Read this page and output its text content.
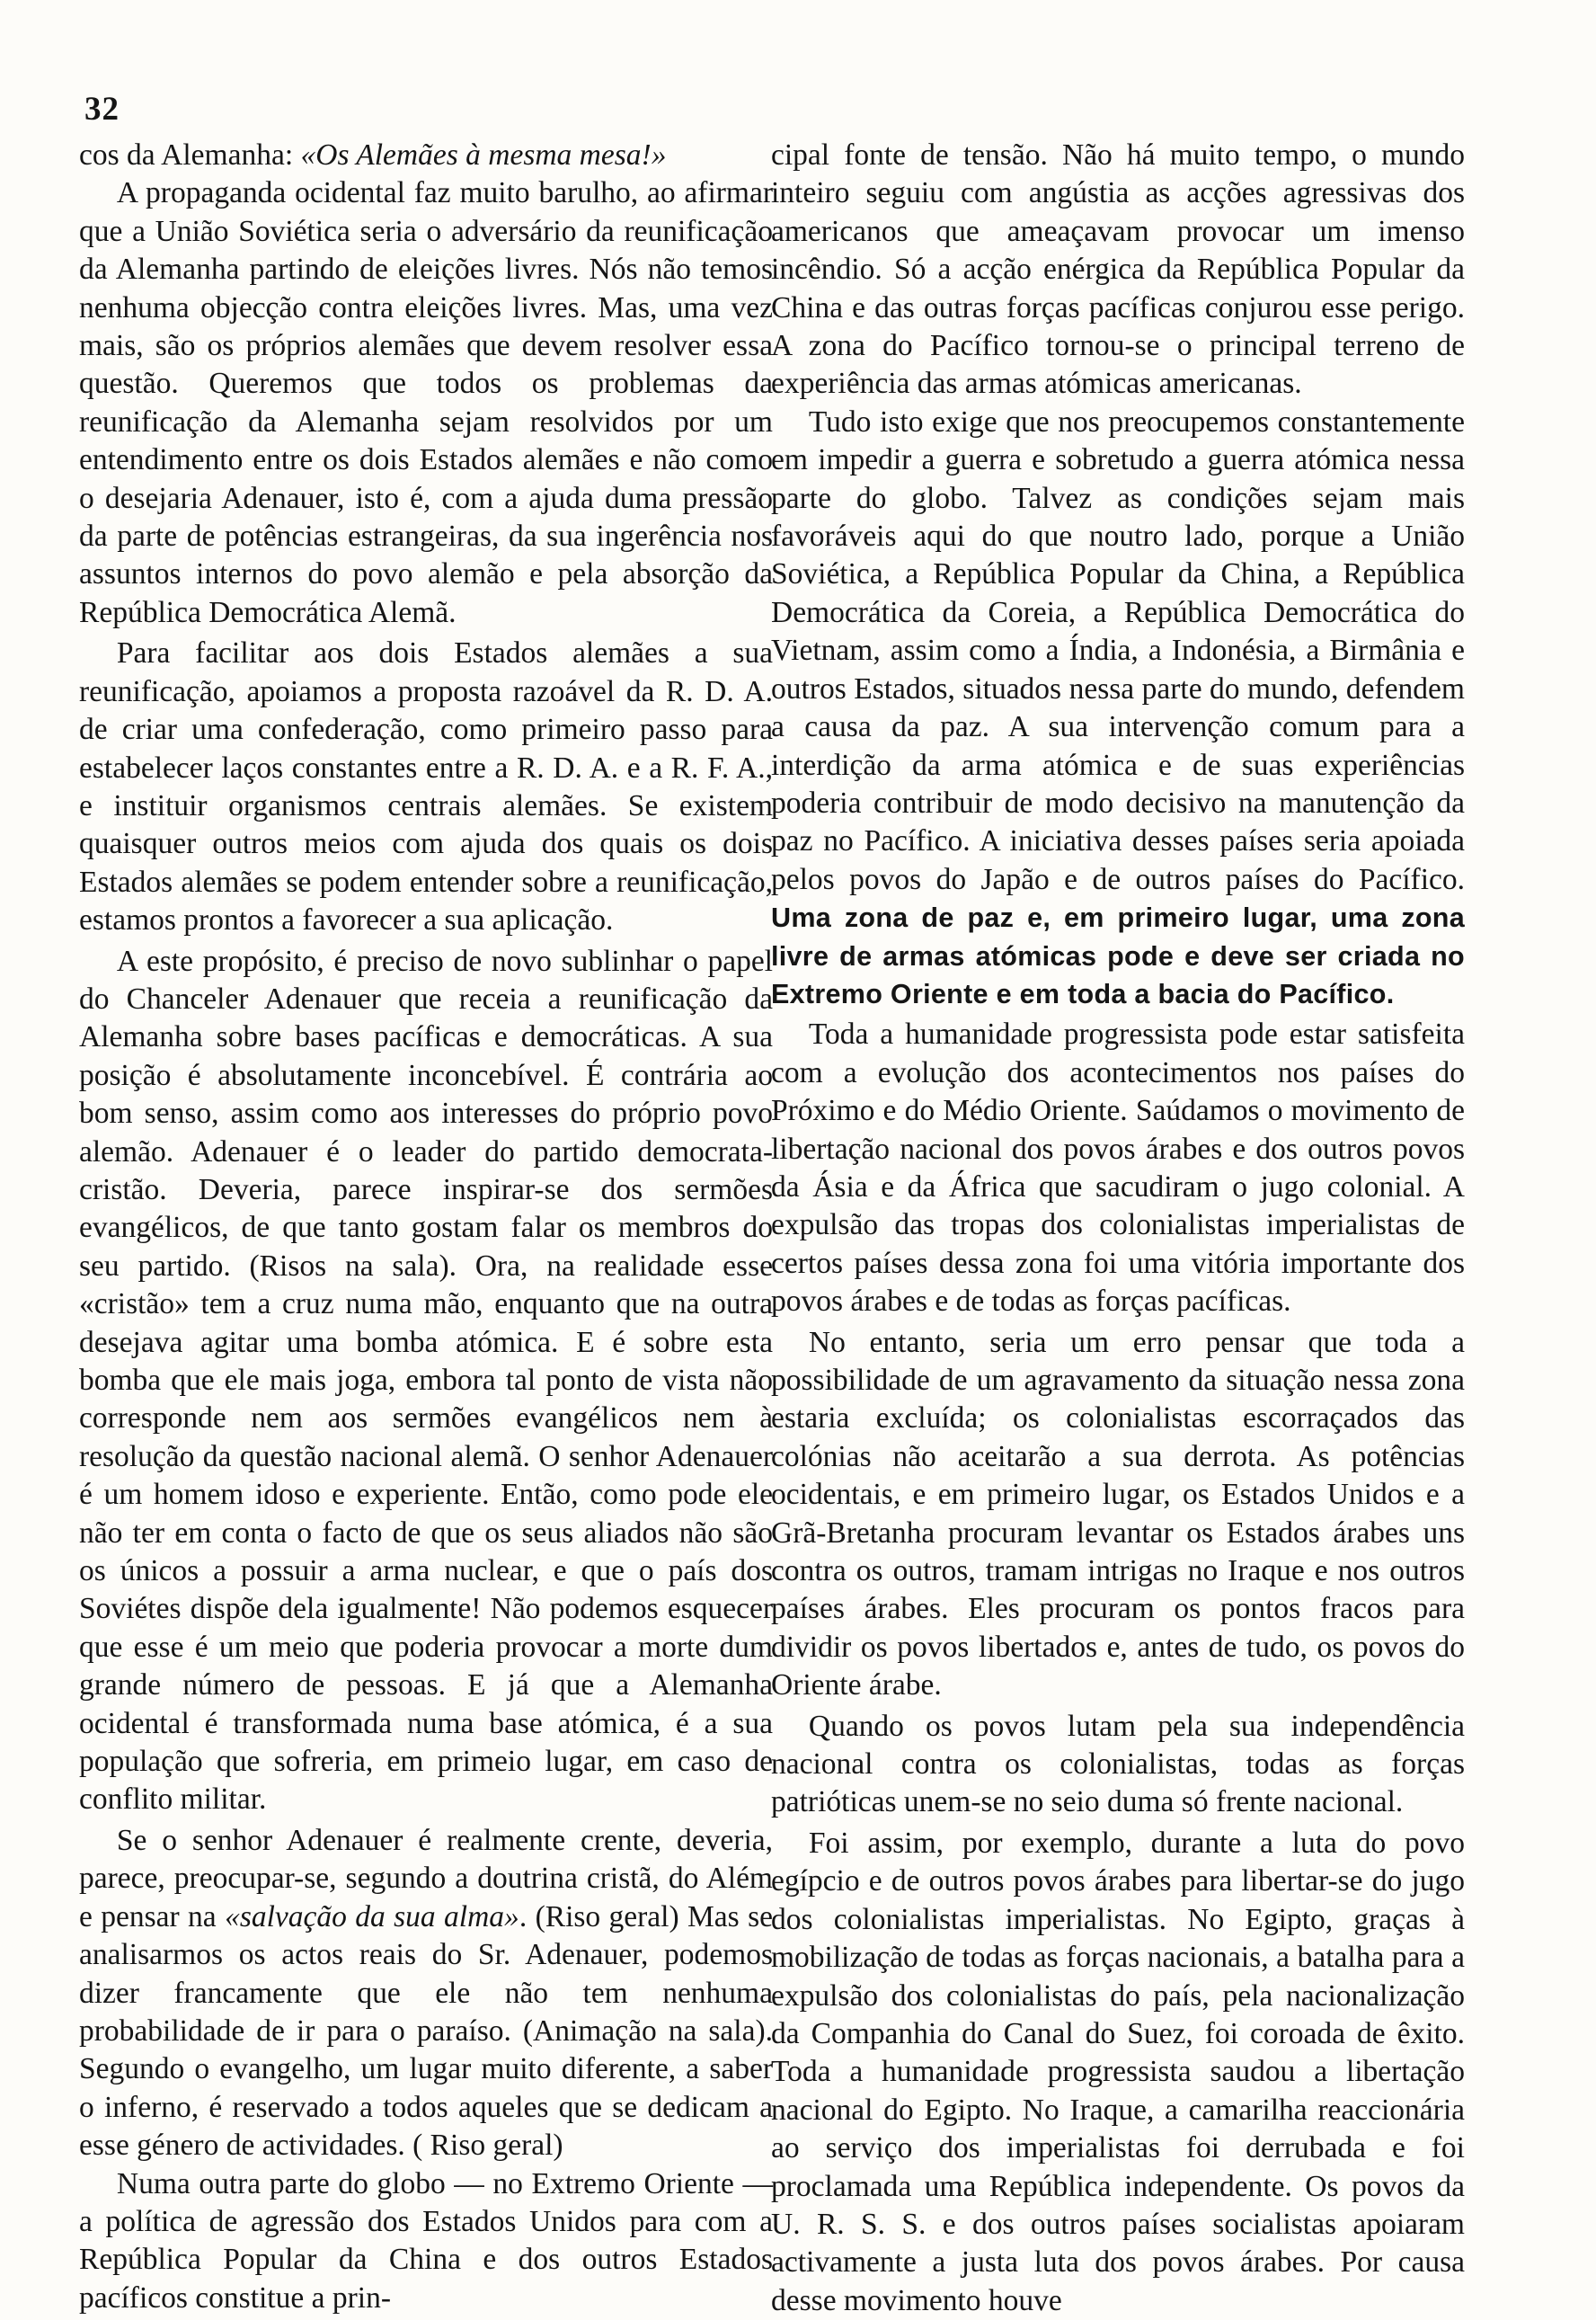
32

cos da Alemanha: «Os Alemães à mesma mesa!»

A propaganda ocidental faz muito barulho, ao afirmar que a União Soviética seria o adversário da reunificação da Alemanha partindo de eleições livres. Nós não temos nenhuma objecção contra eleições livres. Mas, uma vez mais, são os próprios alemães que devem resolver essa questão. Queremos que todos os problemas da reunificação da Alemanha sejam resolvidos por um entendimento entre os dois Estados alemães e não como o desejaria Adenauer, isto é, com a ajuda duma pressão da parte de potências estrangeiras, da sua ingerência nos assuntos internos do povo alemão e pela absorção da República Democrática Alemã.

Para facilitar aos dois Estados alemães a sua reunificação, apoiamos a proposta razoável da R. D. A. de criar uma confederação, como primeiro passo para estabelecer laços constantes entre a R. D. A. e a R. F. A., e instituir organismos centrais alemães. Se existem quaisquer outros meios com ajuda dos quais os dois Estados alemães se podem entender sobre a reunificação, estamos prontos a favorecer a sua aplicação.

A este propósito, é preciso de novo sublinhar o papel do Chanceler Adenauer que receia a reunificação da Alemanha sobre bases pacíficas e democráticas. A sua posição é absolutamente inconcebível. É contrária ao bom senso, assim como aos interesses do próprio povo alemão. Adenauer é o leader do partido democrata-cristão. Deveria, parece inspirar-se dos sermões evangélicos, de que tanto gostam falar os membros do seu partido. (Risos na sala). Ora, na realidade esse «cristão» tem a cruz numa mão, enquanto que na outra desejava agitar uma bomba atómica. E é sobre esta bomba que ele mais joga, embora tal ponto de vista não corresponde nem aos sermões evangélicos nem à resolução da questão nacional alemã. O senhor Adenauer é um homem idoso e experiente. Então, como pode ele não ter em conta o facto de que os seus aliados não são os únicos a possuir a arma nuclear, e que o país dos Soviétes dispõe dela igualmente! Não podemos esquecer que esse é um meio que poderia provocar a morte dum grande número de pessoas. E já que a Alemanha ocidental é transformada numa base atómica, é a sua população que sofreria, em primeio lugar, em caso de conflito militar.

Se o senhor Adenauer é realmente crente, deveria, parece, preocupar-se, segundo a doutrina cristã, do Além e pensar na «salvação da sua alma». (Riso geral) Mas se analisarmos os actos reais do Sr. Adenauer, podemos dizer francamente que ele não tem nenhuma probabilidade de ir para o paraíso. (Animação na sala). Segundo o evangelho, um lugar muito diferente, a saber o inferno, é reservado a todos aqueles que se dedicam a esse género de actividades. ( Riso geral)

Numa outra parte do globo — no Extremo Oriente — a política de agressão dos Estados Unidos para com a República Popular da China e dos outros Estados pacíficos constitue a prin-

cipal fonte de tensão. Não há muito tempo, o mundo inteiro seguiu com angústia as acções agressivas dos americanos que ameaçavam provocar um imenso incêndio. Só a acção enérgica da República Popular da China e das outras forças pacíficas conjurou esse perigo. A zona do Pacífico tornou-se o principal terreno de experiência das armas atómicas americanas.

Tudo isto exige que nos preocupemos constantemente em impedir a guerra e sobretudo a guerra atómica nessa parte do globo. Talvez as condições sejam mais favoráveis aqui do que noutro lado, porque a União Soviética, a República Popular da China, a República Democrática da Coreia, a República Democrática do Vietnam, assim como a Índia, a Indonésia, a Birmânia e outros Estados, situados nessa parte do mundo, defendem a causa da paz. A sua intervenção comum para a interdição da arma atómica e de suas experiências poderia contribuir de modo decisivo na manutenção da paz no Pacífico. A iniciativa desses países seria apoiada pelos povos do Japão e de outros países do Pacífico. Uma zona de paz e, em primeiro lugar, uma zona livre de armas atómicas pode e deve ser criada no Extremo Oriente e em toda a bacia do Pacífico.

Toda a humanidade progressista pode estar satisfeita com a evolução dos acontecimentos nos países do Próximo e do Médio Oriente. Saúdamos o movimento de libertação nacional dos povos árabes e dos outros povos da Ásia e da África que sacudiram o jugo colonial. A expulsão das tropas dos colonialistas imperialistas de certos países dessa zona foi uma vitória importante dos povos árabes e de todas as forças pacíficas.

No entanto, seria um erro pensar que toda a possibilidade de um agravamento da situação nessa zona estaria excluída; os colonialistas escorraçados das colónias não aceitarão a sua derrota. As potências ocidentais, e em primeiro lugar, os Estados Unidos e a Grã-Bretanha procuram levantar os Estados árabes uns contra os outros, tramam intrigas no Iraque e nos outros países árabes. Eles procuram os pontos fracos para dividir os povos libertados e, antes de tudo, os povos do Oriente árabe.

Quando os povos lutam pela sua independência nacional contra os colonialistas, todas as forças patrióticas unem-se no seio duma só frente nacional.

Foi assim, por exemplo, durante a luta do povo egípcio e de outros povos árabes para libertar-se do jugo dos colonialistas imperialistas. No Egipto, graças à mobilização de todas as forças nacionais, a batalha para a expulsão dos colonialistas do país, pela nacionalização da Companhia do Canal do Suez, foi coroada de êxito. Toda a humanidade progressista saudou a libertação nacional do Egipto. No Iraque, a camarilha reaccionária ao serviço dos imperialistas foi derrubada e foi proclamada uma República independente. Os povos da U. R. S. S. e dos outros países socialistas apoiaram activamente a justa luta dos povos árabes. Por causa desse movimento houve
